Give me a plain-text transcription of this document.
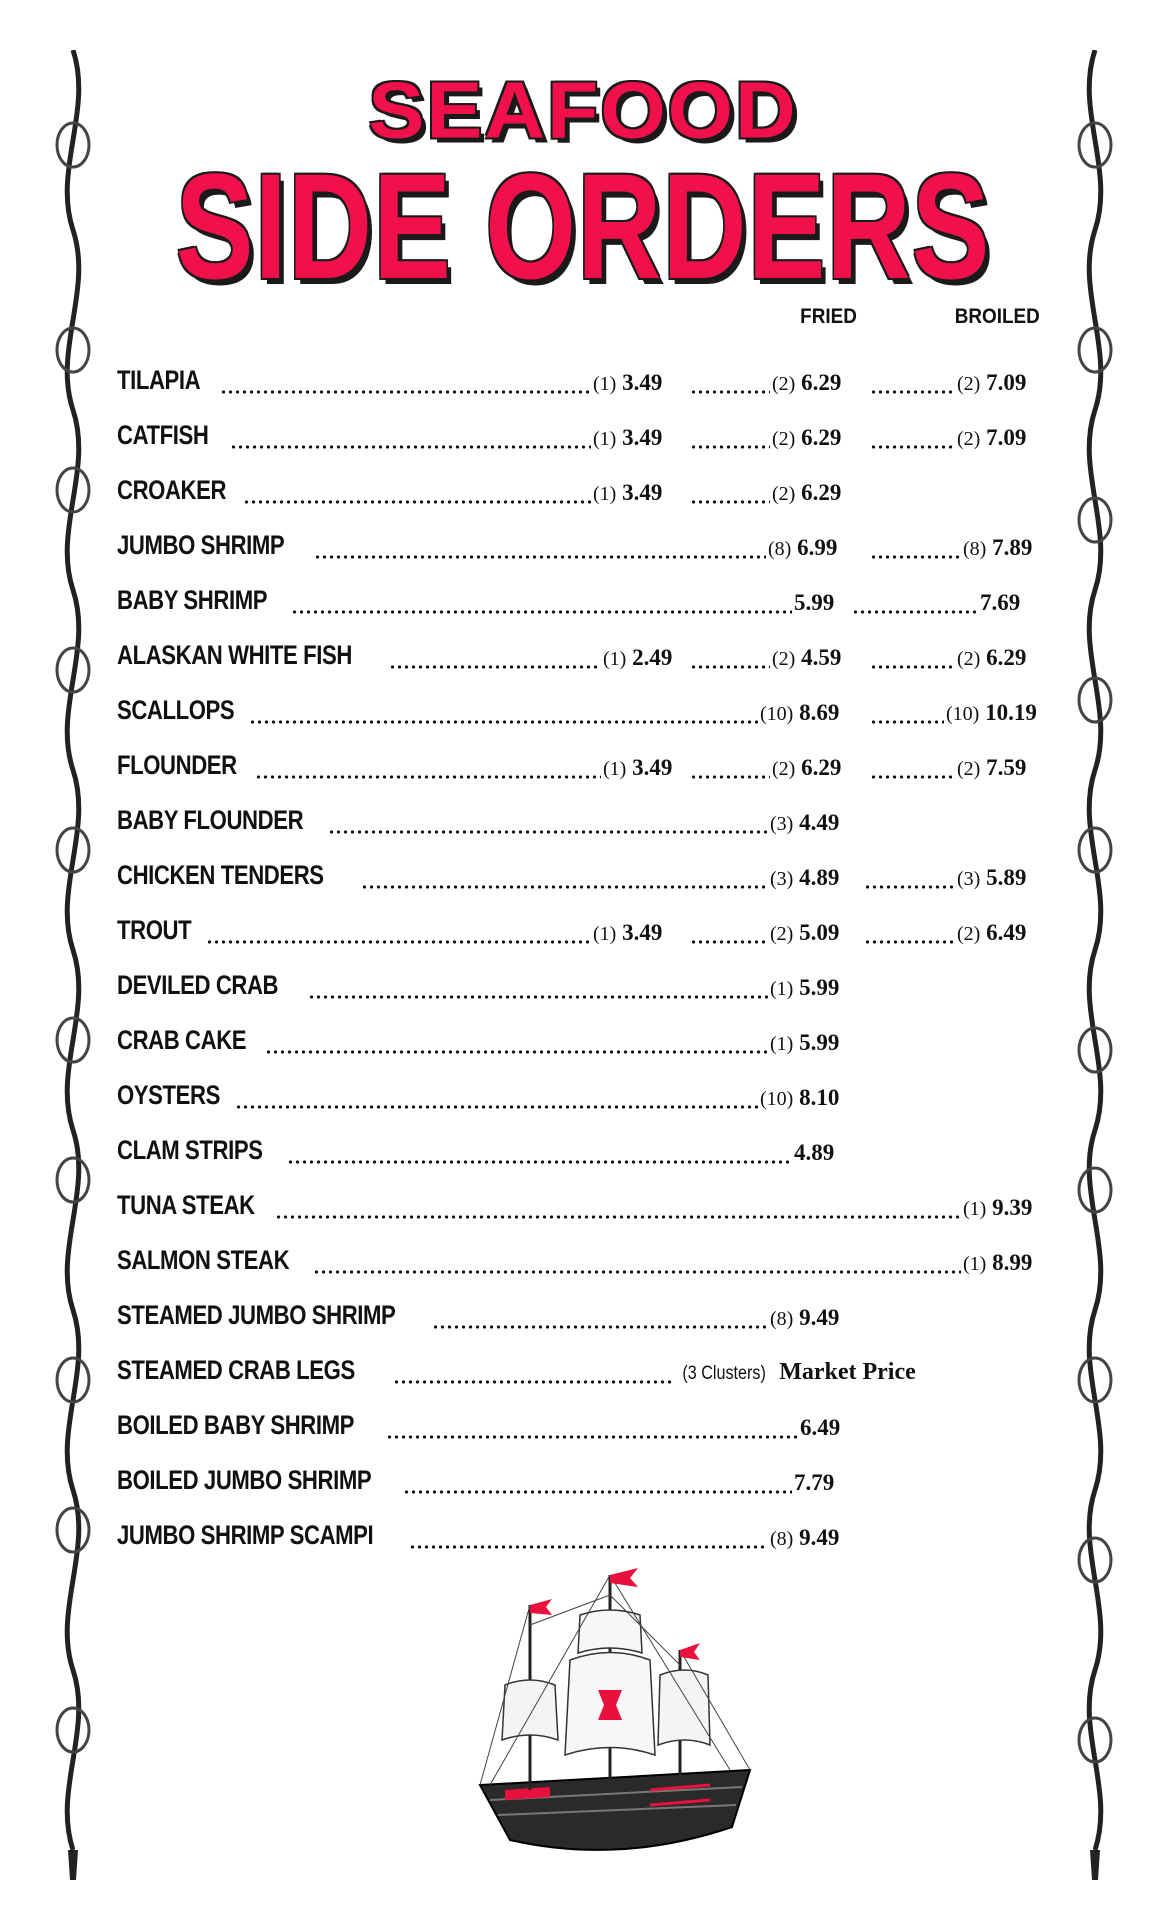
SEAFOOD
SIDE ORDERS
FRIED	BROILED
TILAPIA	(1) 3.49	(2) 6.29	(2) 7.09
CATFISH	(1) 3.49	(2) 6.29	(2) 7.09
CROAKER	(1) 3.49	(2) 6.29
JUMBO SHRIMP	(8) 6.99	(8) 7.89
BABY SHRIMP	5.99	7.69
ALASKAN WHITE FISH	(1) 2.49	(2) 4.59	(2) 6.29
SCALLOPS	(10) 8.69	(10) 10.19
FLOUNDER	(1) 3.49	(2) 6.29	(2) 7.59
BABY FLOUNDER	(3) 4.49
CHICKEN TENDERS	(3) 4.89	(3) 5.89
TROUT	(1) 3.49	(2) 5.09	(2) 6.49
DEVILED CRAB	(1) 5.99
CRAB CAKE	(1) 5.99
OYSTERS	(10) 8.10
CLAM STRIPS	4.89
TUNA STEAK	(1) 9.39
SALMON STEAK	(1) 8.99
STEAMED JUMBO SHRIMP	(8) 9.49
STEAMED CRAB LEGS	(3 Clusters) Market Price
BOILED BABY SHRIMP	6.49
BOILED JUMBO SHRIMP	7.79
JUMBO SHRIMP SCAMPI	(8) 9.49
